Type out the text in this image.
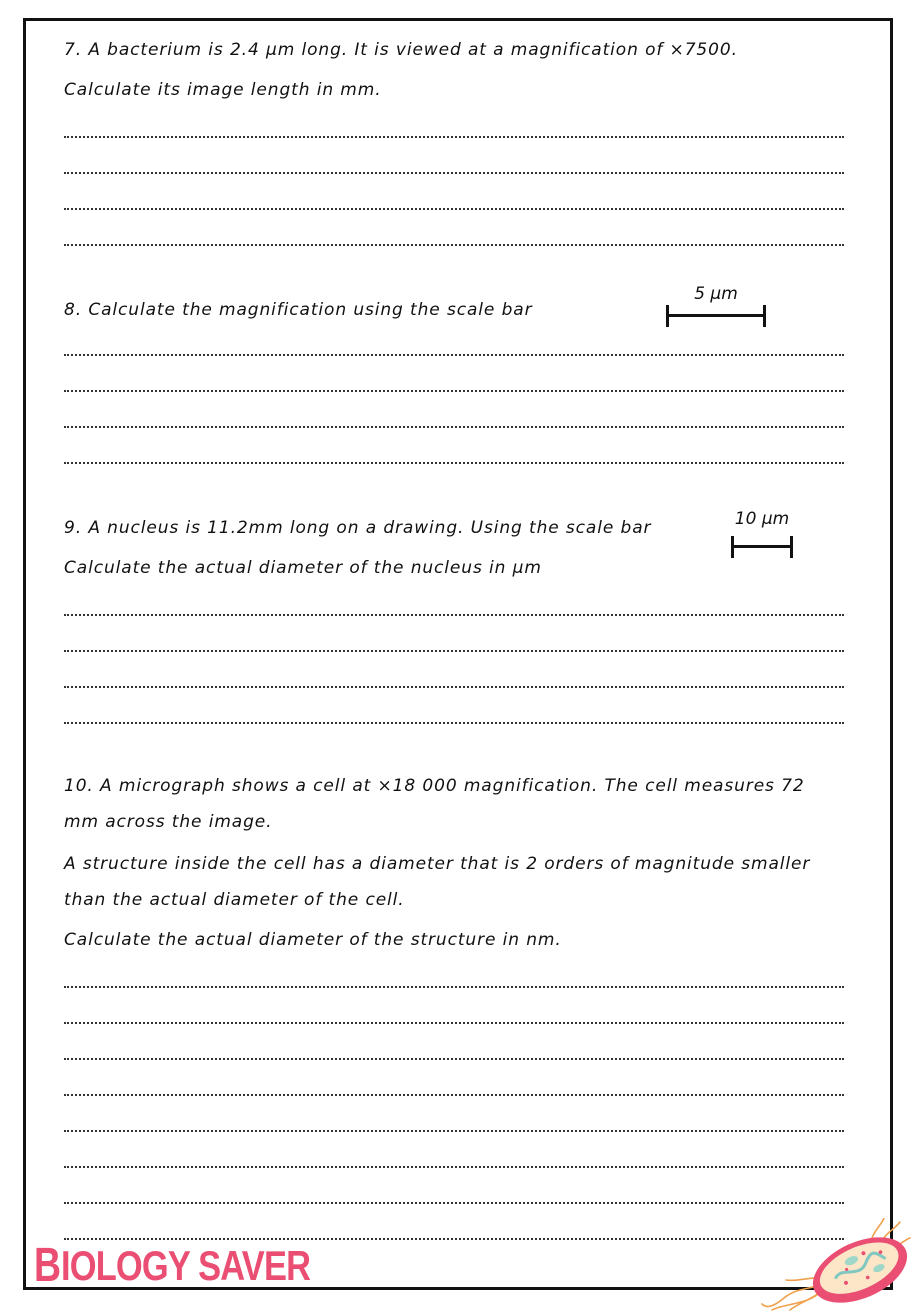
7. A bacterium is 2.4 μm long. It is viewed at a magnification of ×7500.

Calculate its image length in mm.

8. Calculate the magnification using the scale bar

5 μm

9. A nucleus is 11.2mm long on a drawing. Using the scale bar

Calculate the actual diameter of the nucleus in μm

10 μm

10. A micrograph shows a cell at ×18 000 magnification. The cell measures 72

mm across the image.

A structure inside the cell has a diameter that is 2 orders of magnitude smaller

than the actual diameter of the cell.

Calculate the actual diameter of the structure in nm.

B IOLOGY SAVER
